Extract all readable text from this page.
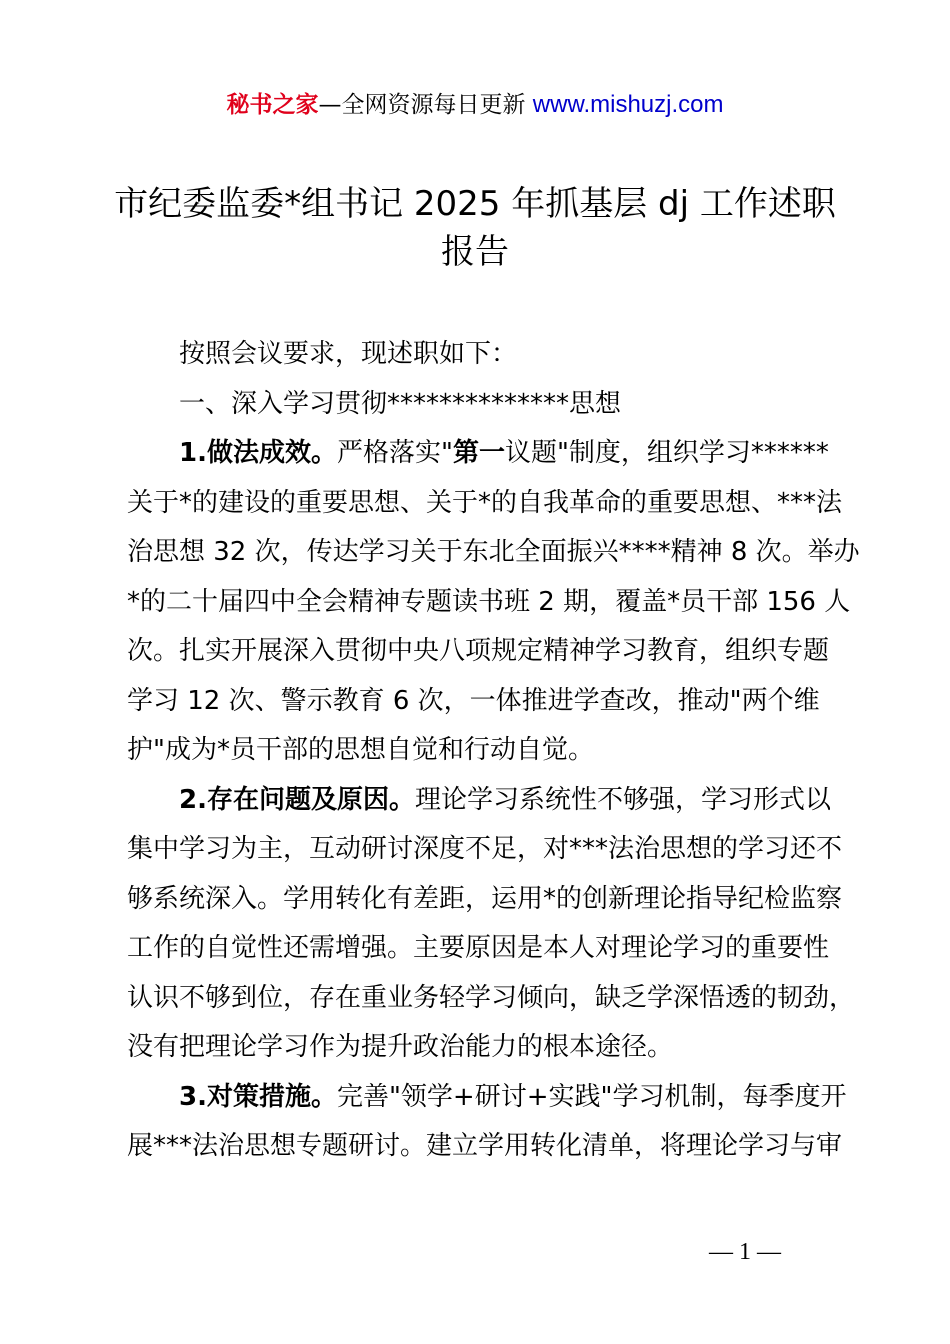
秘书之家—全网资源每日更新 www.mishuzj.com
市纪委监委*组书记 2025 年抓基层 dj 工作述职
报告

按照会议要求，现述职如下：

一、深入学习贯彻**************思想

1.做法成效。严格落实"第一议题"制度，组织学习******
关于*的建设的重要思想、关于*的自我革命的重要思想、***法
治思想 32 次，传达学习关于东北全面振兴****精神 8 次。举办
*的二十届四中全会精神专题读书班 2 期，覆盖*员干部 156 人
次。扎实开展深入贯彻中央八项规定精神学习教育，组织专题
学习 12 次、警示教育 6 次，一体推进学查改，推动"两个维
护"成为*员干部的思想自觉和行动自觉。

2.存在问题及原因。理论学习系统性不够强，学习形式以
集中学习为主，互动研讨深度不足，对***法治思想的学习还不
够系统深入。学用转化有差距，运用*的创新理论指导纪检监察
工作的自觉性还需增强。主要原因是本人对理论学习的重要性
认识不够到位，存在重业务轻学习倾向，缺乏学深悟透的韧劲，
没有把理论学习作为提升政治能力的根本途径。

3.对策措施。完善"领学+研讨+实践"学习机制，每季度开
展***法治思想专题研讨。建立学用转化清单，将理论学习与审

— 1 —
